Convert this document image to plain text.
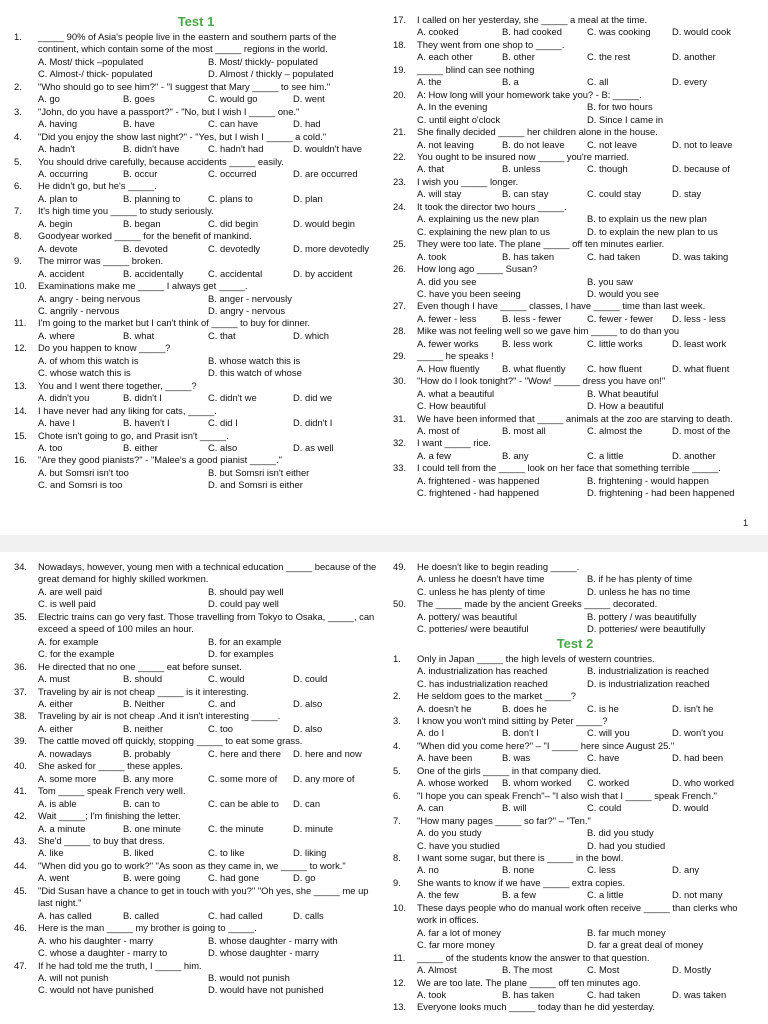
Test 1
1.	_____ 90% of Asia's people live in the eastern and southern parts of the continent, which contain some of the most _____ regions in the world.
A. Most/ thick –populated	B. Most/ thickly- populated
C. Almost-/ thick- populated	D. Almost / thickly – populated
2.	"Who should go to see him?" - "I suggest that Mary _____ to see him."
A. go	B. goes	C. would go	D. went
3.	"John, do you have a passport?" - "No, but I wish I _____ one."
A. having	B. have	C. can have	D. had
4.	"Did you enjoy the show last night?" - "Yes, but I wish I _____ a cold."
A. hadn't	B. didn't have	C. hadn't had	D. wouldn't have
5.	You should drive carefully, because accidents _____ easily.
A. occurring	B. occur	C. occurred	D. are occurred
6.	He didn't go, but he's _____.
A. plan to	B. planning to	C. plans to	D. plan
7.	It's high time you _____ to study seriously.
A. begin	B. began	C. did begin	D. would begin
8.	Goodyear worked _____ for the benefit of mankind.
A. devote	B. devoted	C. devotedly	D. more devotedly
9.	The mirror was _____ broken.
A. accident	B. accidentally	C. accidental	D. by accident
10.	Examinations make me _____ I always get _____.
A. angry - being nervous	B. anger - nervously
C. angrily - nervous	D. angry - nervous
11.	I'm going to the market but I can't think of _____ to buy for dinner.
A. where	B. what	C. that	D. which
12.	Do you happen to know _____?
A. of whom this watch is	B. whose watch this is
C. whose watch this is	D. this watch of whose
13.	You and I went there together, _____?
A. didn't you	B. didn't I	C. didn't we	D. did we
14.	I have never had any liking for cats, _____.
A. have I	B. haven't I	C. did I	D. didn't I
15.	Chote isn't going to go, and Prasit isn't _____.
A. too	B. either	C. also	D. as well
16.	"Are they good pianists?" - "Malee's a good pianist _____."
A. but Somsri isn't too	B. but Somsri isn't either
C. and Somsri is too	D. and Somsri is either
17.	I called on her yesterday, she _____ a meal at the time.
A. cooked	B. had cooked	C. was cooking	D. would cook
18.	They went from one shop to _____.
A. each other	B. other	C. the rest	D. another
19.	_____ blind can see nothing
A. the	B. a	C. all	D. every
20.	A: How long will your homework take you? - B: _____.
A. In the evening	B. for two hours
C. until eight o'clock	D. Since I came in
21.	She finally decided _____ her children alone in the house.
A. not leaving	B. do not leave	C. not leave	D. not to leave
22.	You ought to be insured now _____ you're married.
A. that	B. unless	C. though	D. because of
23.	I wish you _____ longer.
A. will stay	B. can stay	C. could stay	D. stay
24.	It took the director two hours _____.
A. explaining us the new plan	B. to explain us the new plan
C. explaining the new plan to us	D. to explain the new plan to us
25.	They were too late. The plane _____ off ten minutes earlier.
A. took	B. has taken	C. had taken	D. was taking
26.	How long ago _____ Susan?
A. did you see	B. you saw
C. have you been seeing	D. would you see
27.	Even though I have _____ classes, I have _____ time than last week.
A. fewer - less	B. less - fewer	C. fewer - fewer	D. less - less
28.	Mike was not feeling well so we gave him _____ to do than you
A. fewer works	B. less work	C. little works	D. least work
29.	_____ he speaks !
A. How fluently	B. what fluently	C. how fluent	D. what fluent
30.	"How do I look tonight?" - "Wow! _____ dress you have on!"
A. what a beautiful	B. What beautiful
C. How beautiful	D. How a beautiful
31.	We have been informed that _____ animals at the zoo are starving to death.
A. most of	B. most all	C. almost the	D. most of the
32.	I want _____ rice.
A. a few	B. any	C. a little	D. another
33.	I could tell from the _____ look on her face that something terrible _____.
A. frightened - was happened	B. frightening - would happen
C. frightened - had happened	D. frightening - had been happened
1
34.	Nowadays, however, young men with a technical education _____ because of the great demand for highly skilled workmen.
A. are well paid	B. should pay well
C. is well paid	D. could pay well
35.	Electric trains can go very fast. Those travelling from Tokyo to Osaka, _____, can exceed a speed of 100 miles an hour.
A. for example	B. for an example
C. for the example	D. for examples
36.	He directed that no one _____ eat before sunset.
A. must	B. should	C. would	D. could
37.	Traveling by air is not cheap _____ is it interesting.
A. either	B. Neither	C. and	D. also
38.	Traveling by air is not cheap .And it isn't interesting _____.
A. either	B. neither	C. too	D. also
39.	The cattle moved off quickly, stopping _____ to eat some grass.
A. nowadays	B. probably	C. here and there	D. here and now
40.	She asked for _____ these apples.
A. some more	B. any more	C. some more of	D. any more of
41.	Tom _____ speak French very well.
A. is able	B. can to	C. can be able to	D. can
42.	Wait _____; I'm finishing the letter.
A. a minute	B. one minute	C. the minute	D. minute
43.	She'd _____ to buy that dress.
A. like	B. liked	C. to like	D. liking
44.	"When did you go to work?" "As soon as they came in, we _____ to work."
A. went	B. were going	C. had gone	D. go
45.	"Did Susan have a chance to get in touch with you?" "Oh yes, she _____ me up last night."
A. has called	B. called	C. had called	D. calls
46.	Here is the man _____ my brother is going to _____.
A. who his daughter - marry	B. whose daughter - marry with
C. whose a daughter - marry to	D. whose daughter - marry
47.	If he had told me the truth, I _____ him.
A. will not punish	B. would not punish
C. would not have punished	D. would have not punished
49.	He doesn't like to begin reading _____.
A. unless he doesn't have time	B. if he has plenty of time
C. unless he has plenty of time	D. unless he has no time
50.	The _____ made by the ancient Greeks _____ decorated.
A. pottery/ was beautiful	B. pottery / was beautifully
C. potteries/ were beautiful	D. potteries/ were beautifully
Test 2
1.	Only in Japan _____ the high levels of western countries.
A. industrialization has reached	B. industrialization is reached
C. has industrialization reached	D. is industrialization reached
2.	He seldom goes to the market _____?
A. doesn't he	B. does he	C. is he	D. isn't he
3.	I know you won't mind sitting by Peter _____?
A. do I	B. don't I	C. will you	D. won't you
4.	"When did you come here?" – "I _____ here since August 25."
A. have been	B. was	C. have	D. had been
5.	One of the girls _____ in that company died.
A. whose worked	B. whom worked	C. worked	D. who worked
6.	"I hope you can speak French"– "I also wish that I _____ speak French."
A. can	B. will	C. could	D. would
7.	"How many pages _____ so far?" – "Ten."
A. do you study	B. did you study
C. have you studied	D. had you studied
8.	I want some sugar, but there is _____ in the bowl.
A. no	B. none	C. less	D. any
9.	She wants to know if we have _____ extra copies.
A. the few	B. a few	C. a little	D. not many
10.	These days people who do manual work often receive _____ than clerks who work in offices.
A. far a lot of money	B. far much money
C. far more money	D. far a great deal of money
11.	_____ of the students know the answer to that question.
A. Almost	B. The most	C. Most	D. Mostly
12.	We are too late. The plane _____ off ten minutes ago.
A. took	B. has taken	C. had taken	D. was taken
13.	Everyone looks much _____ today than he did yesterday.
